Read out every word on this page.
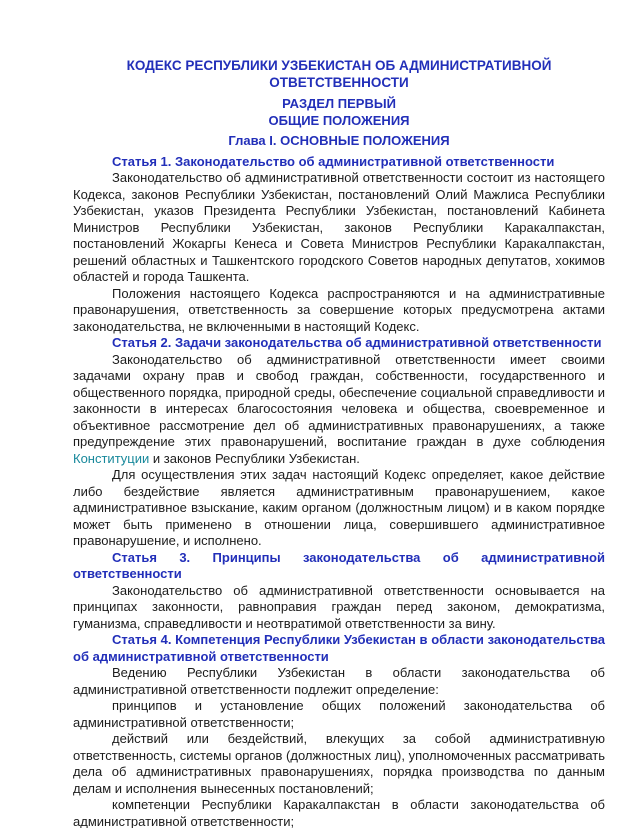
КОДЕКС РЕСПУБЛИКИ УЗБЕКИСТАН ОБ АДМИНИСТРАТИВНОЙ ОТВЕТСТВЕННОСТИ
РАЗДЕЛ ПЕРВЫЙ
ОБЩИЕ ПОЛОЖЕНИЯ
Глава I. ОСНОВНЫЕ ПОЛОЖЕНИЯ

Статья 1. Законодательство об административной ответственности

Законодательство об административной ответственности состоит из настоящего Кодекса, законов Республики Узбекистан, постановлений Олий Мажлиса Республики Узбекистан, указов Президента Республики Узбекистан, постановлений Кабинета Министров Республики Узбекистан, законов Республики Каракалпакстан, постановлений Жокаргы Кенеса и Совета Министров Республики Каракалпакстан, решений областных и Ташкентского городского Советов народных депутатов, хокимов областей и города Ташкента.

Положения настоящего Кодекса распространяются и на административные правонарушения, ответственность за совершение которых предусмотрена актами законодательства, не включенными в настоящий Кодекс.

Статья 2. Задачи законодательства об административной ответственности

Законодательство об административной ответственности имеет своими задачами охрану прав и свобод граждан, собственности, государственного и общественного порядка, природной среды, обеспечение социальной справедливости и законности в интересах благосостояния человека и общества, своевременное и объективное рассмотрение дел об административных правонарушениях, а также предупреждение этих правонарушений, воспитание граждан в духе соблюдения Конституции и законов Республики Узбекистан.

Для осуществления этих задач настоящий Кодекс определяет, какое действие либо бездействие является административным правонарушением, какое административное взыскание, каким органом (должностным лицом) и в каком порядке может быть применено в отношении лица, совершившего административное правонарушение, и исполнено.

Статья 3. Принципы законодательства об административной ответственности

Законодательство об административной ответственности основывается на принципах законности, равноправия граждан перед законом, демократизма, гуманизма, справедливости и неотвратимой ответственности за вину.

Статья 4. Компетенция Республики Узбекистан в области законодательства об административной ответственности

Ведению Республики Узбекистан в области законодательства об административной ответственности подлежит определение:

принципов и установление общих положений законодательства об административной ответственности;

действий или бездействий, влекущих за собой административную ответственность, системы органов (должностных лиц), уполномоченных рассматривать дела об административных правонарушениях, порядка производства по данным делам и исполнения вынесенных постановлений;

компетенции Республики Каракалпакстан в области законодательства об административной ответственности;
